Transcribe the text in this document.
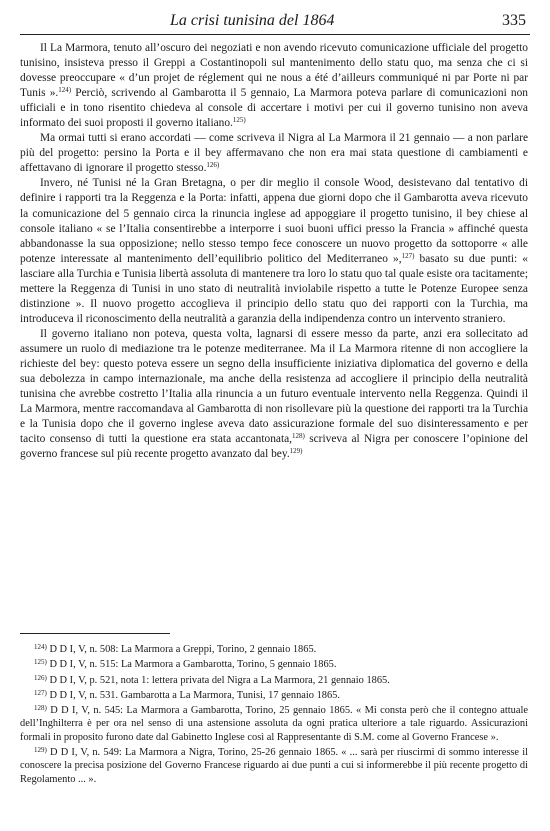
La crisi tunisina del 1864	335

Il La Marmora, tenuto all’oscuro dei negoziati e non avendo ricevuto comunicazione ufficiale del progetto tunisino, insisteva presso il Greppi a Costantinopoli sul mantenimento dello statu quo, ma senza che ci si dovesse preoccupare « d’un projet de réglement qui ne nous a été d’ailleurs communiqué ni par Porte ni par Tunis ».$^{124)}$ Perciò, scrivendo al Gambarotta il 5 gennaio, La Marmora poteva parlare di comunicazioni non ufficiali e in tono risentito chiedeva al console di accertare i motivi per cui il governo tunisino non aveva informato dei suoi proposti il governo italiano.$^{125)}$

Ma ormai tutti si erano accordati — come scriveva il Nigra al La Marmora il 21 gennaio — a non parlare più del progetto: persino la Porta e il bey affermavano che non era mai stata questione di cambiamenti e affettavano di ignorare il progetto stesso.$^{126)}$

Invero, né Tunisi né la Gran Bretagna, o per dir meglio il console Wood, desistevano dal tentativo di definire i rapporti tra la Reggenza e la Porta: infatti, appena due giorni dopo che il Gambarotta aveva ricevuto la comunicazione del 5 gennaio circa la rinuncia inglese ad appoggiare il progetto tunisino, il bey chiese al console italiano « se l’Italia consentirebbe a interporre i suoi buoni uffici presso la Francia » affinché questa abbandonasse la sua opposizione; nello stesso tempo fece conoscere un nuovo progetto da sottoporre « alle potenze interessate al mantenimento dell’equilibrio politico del Mediterraneo »,$^{127)}$ basato su due punti: « lasciare alla Turchia e Tunisia libertà assoluta di mantenere tra loro lo statu quo tal quale esiste ora tacitamente; mettere la Reggenza di Tunisi in uno stato di neutralità inviolabile rispetto a tutte le Potenze Europee senza distinzione ». Il nuovo progetto accoglieva il principio dello statu quo dei rapporti con la Turchia, ma introduceva il riconoscimento della neutralità a garanzia della indipendenza contro un intervento straniero.

Il governo italiano non poteva, questa volta, lagnarsi di essere messo da parte, anzi era sollecitato ad assumere un ruolo di mediazione tra le potenze mediterranee. Ma il La Marmora ritenne di non accogliere la richieste del bey: questo poteva essere un segno della insufficiente iniziativa diplomatica del governo e della sua debolezza in campo internazionale, ma anche della resistenza ad accogliere il principio della neutralità tunisina che avrebbe costretto l’Italia alla rinuncia a un futuro eventuale intervento nella Reggenza. Quindi il La Marmora, mentre raccomandava al Gambarotta di non risollevare più la questione dei rapporti tra la Turchia e la Tunisia dopo che il governo inglese aveva dato assicurazione formale del suo disinteressamento e per tacito consenso di tutti la questione era stata accantonata,$^{128)}$ scriveva al Nigra per conoscere l’opinione del governo francese sul più recente progetto avanzato dal bey.$^{129)}$

$^{124)}$ D D I, V, n. 508: La Marmora a Greppi, Torino, 2 gennaio 1865.

$^{125)}$ D D I, V, n. 515: La Marmora a Gambarotta, Torino, 5 gennaio 1865.

$^{126)}$ D D I, V, p. 521, nota 1: lettera privata del Nigra a La Marmora, 21 gennaio 1865.

$^{127)}$ D D I, V, n. 531. Gambarotta a La Marmora, Tunisi, 17 gennaio 1865.

$^{128)}$ D D I, V, n. 545: La Marmora a Gambarotta, Torino, 25 gennaio 1865. « Mi consta però che il contegno attuale dell’Inghilterra è per ora nel senso di una astensione assoluta da ogni pratica ulteriore a tale riguardo. Assicurazioni formali in proposito furono date dal Gabinetto Inglese così al Rappresentante di S.M. come al Governo Francese ».

$^{129)}$ D D I, V, n. 549: La Marmora a Nigra, Torino, 25-26 gennaio 1865. « ... sarà per riuscirmi di sommo interesse il conoscere la precisa posizione del Governo Francese riguardo ai due punti a cui si informerebbe il più recente progetto di Regolamento ... ».
